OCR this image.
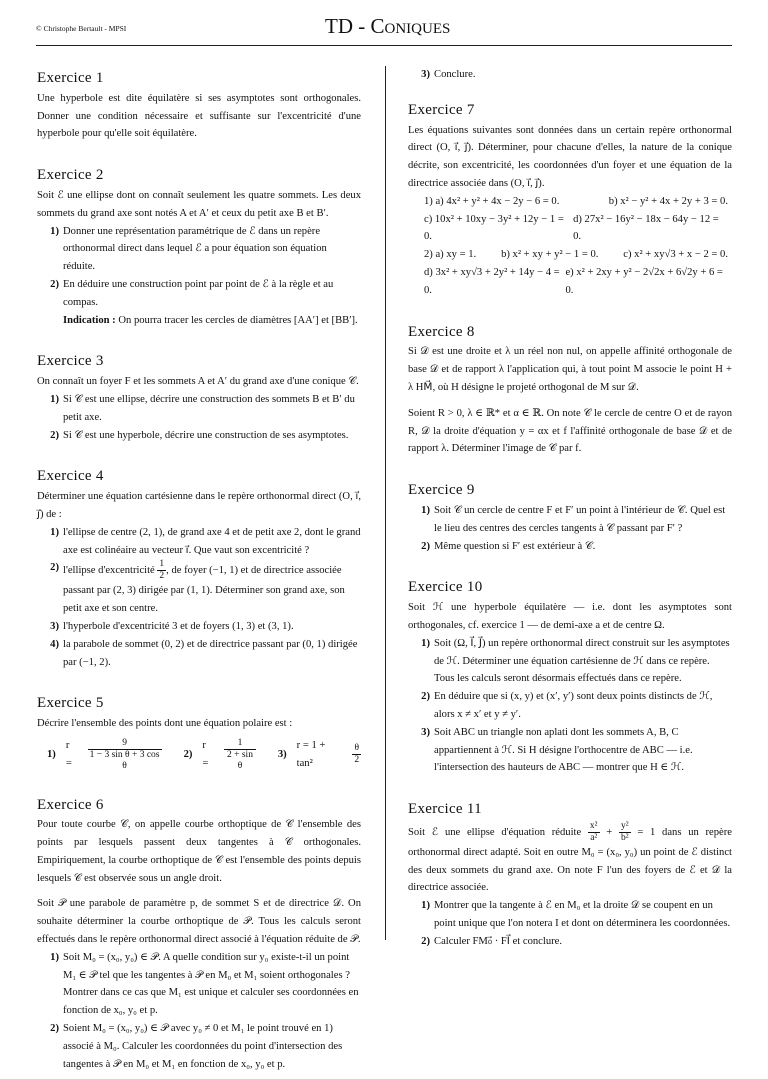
© Christophe Bertault - MPSI	TD - CONIQUES
Exercice 1

Une hyperbole est dite équilatère si ses asymptotes sont orthogonales. Donner une condition nécessaire et suffisante sur l'excentricité d'une hyperbole pour qu'elle soit équilatère.

Exercice 2

Soit ℰ une ellipse dont on connaît seulement les quatre sommets. Les deux sommets du grand axe sont notés A et A′ et ceux du petit axe B et B′.

1) Donner une représentation paramétrique de ℰ dans un repère orthonormal direct dans lequel ℰ a pour équation son équation réduite.
2) En déduire une construction point par point de ℰ à la règle et au compas.
Indication : On pourra tracer les cercles de diamètres [AA′] et [BB′].
Exercice 3

On connaît un foyer F et les sommets A et A′ du grand axe d'une conique 𝒞.

1) Si 𝒞 est une ellipse, décrire une construction des sommets B et B′ du petit axe.
2) Si 𝒞 est une hyperbole, décrire une construction de ses asymptotes.
Exercice 4

Déterminer une équation cartésienne dans le repère orthonormal direct (O, ı⃗, ȷ⃗) de :

1) l'ellipse de centre (2, 1), de grand axe 4 et de petit axe 2, dont le grand axe est colinéaire au vecteur ı⃗. Que vaut son excentricité ?
2) l'ellipse d'excentricité $\frac{1}{2}$ , de foyer (−1, 1) et de directrice associée passant par (2, 3) dirigée par (1, 1). Déterminer son grand axe, son petit axe et son centre.
3) l'hyperbole d'excentricité 3 et de foyers (1, 3) et (3, 1).
4) la parabole de sommet (0, 2) et de directrice passant par (0, 1) dirigée par (−1, 2).
Exercice 5

Décrire l'ensemble des points dont une équation polaire est :

1)
r =	$\frac{9}{\text{1 − 3 sin θ + 3 cos θ}} 2$)
r =	$\frac{1}{\text{2 + sin θ}} 3$)
r = 1 + tan²	$\frac{\theta}{2}$
Exercice 6

Pour toute courbe 𝒞, on appelle courbe orthoptique de 𝒞 l'ensemble des points par lesquels passent deux tangentes à 𝒞 orthogonales. Empiriquement, la courbe orthoptique de 𝒞 est l'ensemble des points depuis lesquels 𝒞 est observée sous un angle droit.

Soit 𝒫 une parabole de paramètre p, de sommet S et de directrice 𝒟. On souhaite déterminer la courbe orthoptique de 𝒫. Tous les calculs seront effectués dans le repère orthonormal direct associé à l'équation réduite de 𝒫.

1) Soit M₀ = (x₀, y₀) ∈ 𝒫. A quelle condition sur y₀ existe-t-il un point M₁ ∈ 𝒫 tel que les tangentes à 𝒫 en M₀ et M₁ soient orthogonales ? Montrer dans ce cas que M₁ est unique et calculer ses coordonnées en fonction de x₀, y₀ et p.
2) Soient M₀ = (x₀, y₀) ∈ 𝒫 avec y₀ ≠ 0 et M₁ le point trouvé en 1) associé à M₀. Calculer les coordonnées du point d'intersection des tangentes à 𝒫 en M₀ et M₁ en fonction de x₀, y₀ et p.
3) Conclure.
Exercice 7

Les équations suivantes sont données dans un certain repère orthonormal direct (O, ı⃗, ȷ⃗). Déterminer, pour chacune d'elles, la nature de la conique décrite, son excentricité, les coordonnées d'un foyer et une équation de la directrice associée dans (O, ı⃗, ȷ⃗).

1) a) 4x² + y² + 4x − 2y − 6 = 0.	b) x² − y² + 4x + 2y + 3 = 0.
c) 10x² + 10xy − 3y² + 12y − 1 = 0.
d) 27x² − 16y² − 18x − 64y − 12 = 0.
2) a) xy = 1. b) x² + xy + y² − 1 = 0. c) x² + xy√3 + x − 2 = 0.
d) 3x² + xy√3 + 2y² + 14y − 4 = 0.
e) x² + 2xy + y² − 2√2x + 6√2y + 6 = 0.
Exercice 8

Si 𝒟 est une droite et λ un réel non nul, on appelle affinité orthogonale de base 𝒟 et de rapport λ l'application qui, à tout point M associe le point H + λ HM⃗, où H désigne le projeté orthogonal de M sur 𝒟.

Soient R > 0, λ ∈ ℝ* et α ∈ ℝ. On note 𝒞 le cercle de centre O et de rayon R, 𝒟 la droite d'équation y = αx et f l'affinité orthogonale de base 𝒟 et de rapport λ. Déterminer l'image de 𝒞 par f.

Exercice 9
1) Soit 𝒞 un cercle de centre F et F′ un point à l'intérieur de 𝒞. Quel est le lieu des centres des cercles tangents à 𝒞 passant par F′ ?
2) Même question si F′ est extérieur à 𝒞.
Exercice 10

Soit ℋ une hyperbole équilatère — i.e. dont les asymptotes sont orthogonales, cf. exercice 1 — de demi-axe a et de centre Ω.

1) Soit (Ω, I⃗, J⃗) un repère orthonormal direct construit sur les asymptotes de ℋ. Déterminer une équation cartésienne de ℋ dans ce repère. Tous les calculs seront désormais effectués dans ce repère.
2) En déduire que si (x, y) et (x′, y′) sont deux points distincts de ℋ, alors x ≠ x′ et y ≠ y′.
3) Soit ABC un triangle non aplati dont les sommets A, B, C appartiennent à ℋ. Si H désigne l'orthocentre de ABC — i.e. l'intersection des hauteurs de ABC — montrer que H ∈ ℋ.
Exercice 11

Soit ℰ une ellipse d'équation réduite $\frac{\text{x²}}{\text{a²}} + \frac{\text{y²}}{\text{b²}} = 1$ dans un repère orthonormal direct adapté. Soit en outre M₀ = (x₀, y₀) un point de ℰ distinct des deux sommets du grand axe. On note F l'un des foyers de ℰ et 𝒟 la directrice associée.

1) Montrer que la tangente à ℰ en M₀ et la droite 𝒟 se coupent en un point unique que l'on notera I et dont on déterminera les coordonnées.
2) Calculer FM₀⃗ · FI⃗ et conclure.
